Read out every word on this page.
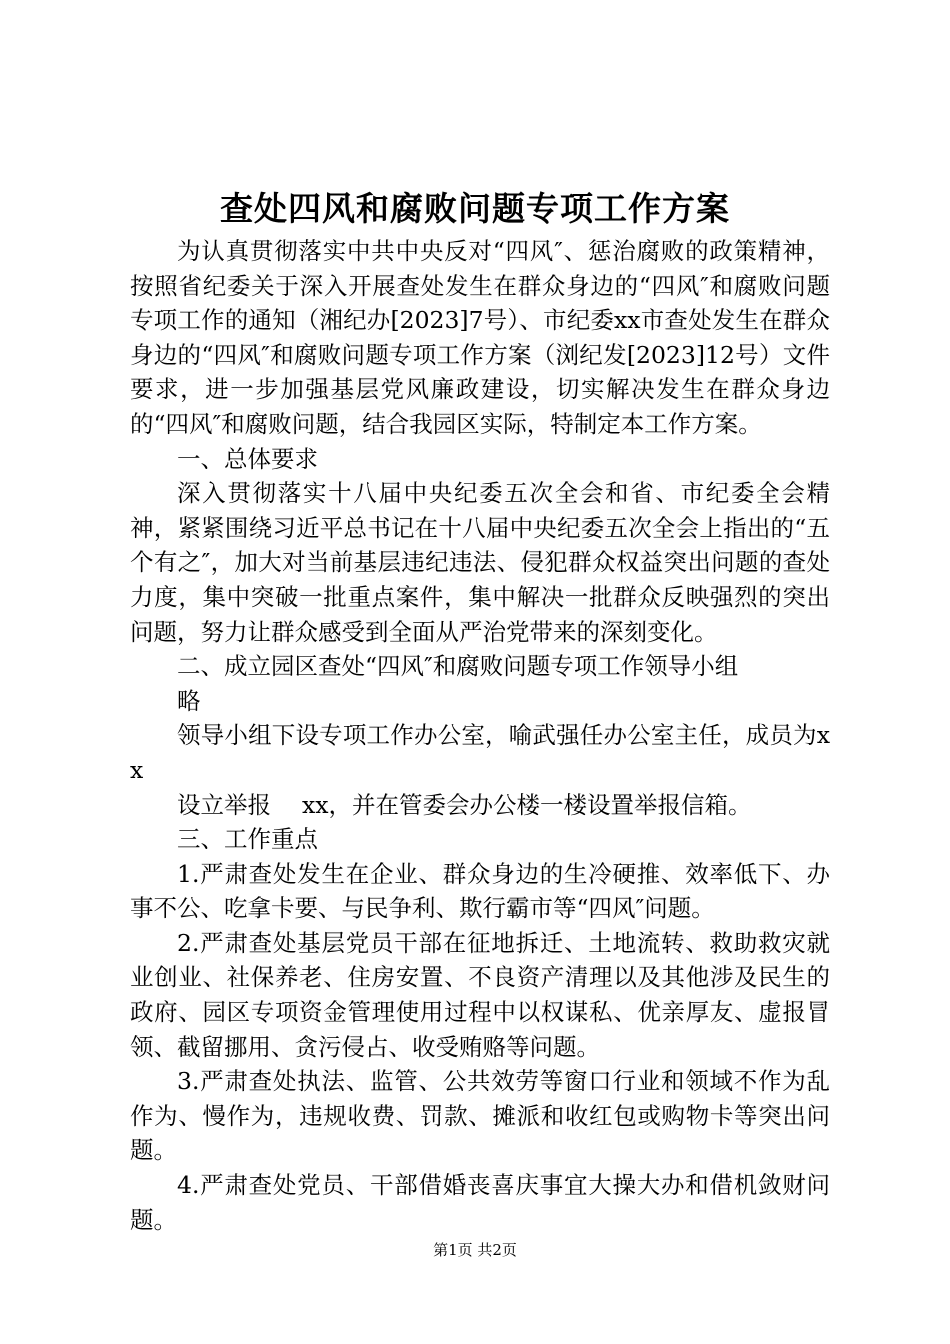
查处四风和腐败问题专项工作方案

为认真贯彻落实中共中央反对“四风″、惩治腐败的政策精神，按照省纪委关于深入开展查处发生在群众身边的“四风″和腐败问题专项工作的通知（湘纪办[2023]7号）、市纪委xx市查处发生在群众身边的“四风″和腐败问题专项工作方案（浏纪发[2023]12号）文件要求，进一步加强基层党风廉政建设，切实解决发生在群众身边的“四风″和腐败问题，结合我园区实际，特制定本工作方案。

一、总体要求

深入贯彻落实十八届中央纪委五次全会和省、市纪委全会精神，紧紧围绕习近平总书记在十八届中央纪委五次全会上指出的“五个有之″，加大对当前基层违纪违法、侵犯群众权益突出问题的查处力度，集中突破一批重点案件，集中解决一批群众反映强烈的突出问题，努力让群众感受到全面从严治党带来的深刻变化。

二、成立园区查处“四风″和腐败问题专项工作领导小组

略

领导小组下设专项工作办公室，喻武强任办公室主任，成员为xx

设立举报　 xx，并在管委会办公楼一楼设置举报信箱。

三、工作重点

1.严肃查处发生在企业、群众身边的生冷硬推、效率低下、办事不公、吃拿卡要、与民争利、欺行霸市等“四风″问题。

2.严肃查处基层党员干部在征地拆迁、土地流转、救助救灾就业创业、社保养老、住房安置、不良资产清理以及其他涉及民生的政府、园区专项资金管理使用过程中以权谋私、优亲厚友、虚报冒领、截留挪用、贪污侵占、收受贿赂等问题。

3.严肃查处执法、监管、公共效劳等窗口行业和领域不作为乱作为、慢作为，违规收费、罚款、摊派和收红包或购物卡等突出问题。

4.严肃查处党员、干部借婚丧喜庆事宜大操大办和借机敛财问题。

第1页 共2页
